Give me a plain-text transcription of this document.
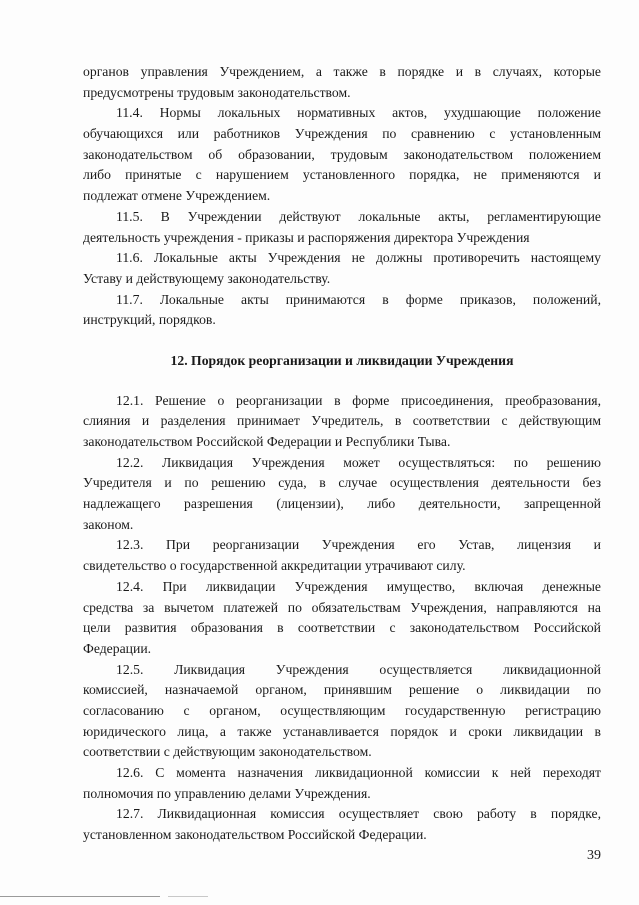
органов управления Учреждением, а также в порядке и в случаях, которые
предусмотрены трудовым законодательством.
11.4. Нормы локальных нормативных актов, ухудшающие положение
обучающихся или работников Учреждения по сравнению с установленным
законодательством об образовании, трудовым законодательством положением
либо принятые с нарушением установленного порядка, не применяются и
подлежат отмене Учреждением.
11.5. В Учреждении действуют локальные акты, регламентирующие
деятельность учреждения - приказы и распоряжения директора Учреждения
11.6. Локальные акты Учреждения не должны противоречить настоящему
Уставу и действующему законодательству.
11.7. Локальные акты принимаются в форме приказов, положений,
инструкций, порядков.
12. Порядок реорганизации и ликвидации Учреждения
12.1. Решение о реорганизации в форме присоединения, преобразования,
слияния и разделения принимает Учредитель, в соответствии с действующим
законодательством Российской Федерации и Республики Тыва.
12.2. Ликвидация Учреждения может осуществляться: по решению
Учредителя и по решению суда, в случае осуществления деятельности без
надлежащего разрешения (лицензии), либо деятельности, запрещенной
законом.
12.3. При реорганизации Учреждения его Устав, лицензия и
свидетельство о государственной аккредитации утрачивают силу.
12.4. При ликвидации Учреждения имущество, включая денежные
средства за вычетом платежей по обязательствам Учреждения, направляются на
цели развития образования в соответствии с законодательством Российской
Федерации.
12.5. Ликвидация Учреждения осуществляется ликвидационной
комиссией, назначаемой органом, принявшим решение о ликвидации по
согласованию с органом, осуществляющим государственную регистрацию
юридического лица, а также устанавливается порядок и сроки ликвидации в
соответствии с действующим законодательством.
12.6. С момента назначения ликвидационной комиссии к ней переходят
полномочия по управлению делами Учреждения.
12.7. Ликвидационная комиссия осуществляет свою работу в порядке,
установленном законодательством Российской Федерации.
39
